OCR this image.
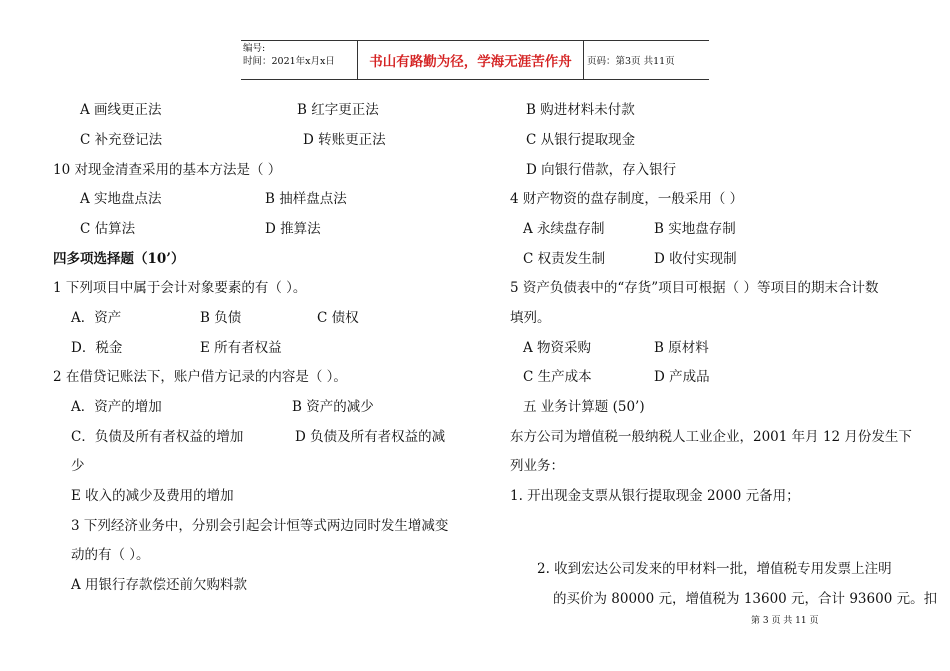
编号:
时间：2021年x月x日	书山有路勤为径，学海无涯苦作舟	页码：第3页 共11页
A 画线更正法	B 红字更正法
C 补充登记法	D 转账更正法
10 对现金清查采用的基本方法是（ ）
A 实地盘点法	B 抽样盘点法
C 估算法	D 推算法
四多项选择题（10’）
1 下列项目中属于会计对象要素的有（ ）。
A．资产	B 负债	C 债权
D．税金	E 所有者权益
2 在借贷记账法下，账户借方记录的内容是（ ）。
A．资产的增加	B 资产的减少
C．负债及所有者权益的增加	D 负债及所有者权益的减
少
E 收入的减少及费用的增加
3 下列经济业务中，分别会引起会计恒等式两边同时发生增减变
动的有（ ）。
A 用银行存款偿还前欠购料款
B 购进材料未付款
C 从银行提取现金
D 向银行借款，存入银行
4 财产物资的盘存制度，一般采用（ ）
A 永续盘存制	B 实地盘存制
C 权责发生制	D 收付实现制
5 资产负债表中的“存货”项目可根据（ ）等项目的期末合计数
填列。
A 物资采购	B 原材料
C 生产成本	D 产成品
五 业务计算题 (50’)
东方公司为增值税一般纳税人工业企业，2001 年月 12 月份发生下
列业务：
1. 开出现金支票从银行提取现金 2000 元备用；
2. 收到宏达公司发来的甲材料一批，增值税专用发票上注明
的买价为 80000 元，增值税为 13600 元，合计 93600 元。扣
第 3 页 共 11 页
